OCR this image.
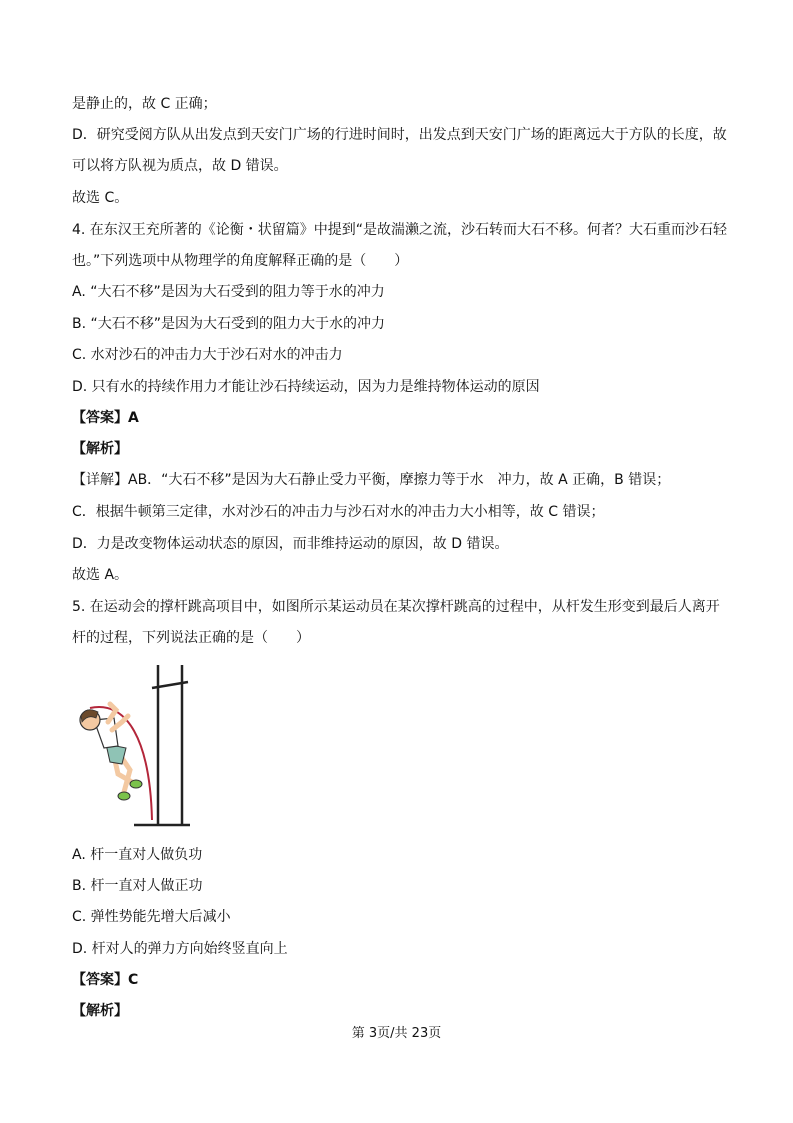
是静止的，故 C 正确；
D．研究受阅方队从出发点到天安门广场的行进时间时，出发点到天安门广场的距离远大于方队的长度，故
可以将方队视为质点，故 D 错误。
故选 C。
4. 在东汉王充所著的《论衡・状留篇》中提到“是故湍濑之流，沙石转而大石不移。何者？大石重而沙石轻
也。”下列选项中从物理学的角度解释正确的是（　　）
A. “大石不移”是因为大石受到的阻力等于水的冲力
B. “大石不移”是因为大石受到的阻力大于水的冲力
C. 水对沙石的冲击力大于沙石对水的冲击力
D. 只有水的持续作用力才能让沙石持续运动，因为力是维持物体运动的原因
【答案】A
【解析】
【详解】AB．“大石不移”是因为大石静止受力平衡，摩擦力等于水　冲力，故 A 正确，B 错误；
C．根据牛顿第三定律，水对沙石的冲击力与沙石对水的冲击力大小相等，故 C 错误；
D．力是改变物体运动状态的原因，而非维持运动的原因，故 D 错误。
故选 A。
5. 在运动会的撑杆跳高项目中，如图所示某运动员在某次撑杆跳高的过程中，从杆发生形变到最后人离开
杆的过程，下列说法正确的是（　　）
A. 杆一直对人做负功
B. 杆一直对人做正功
C. 弹性势能先增大后减小
D. 杆对人的弹力方向始终竖直向上
【答案】C
【解析】
第 3页/共 23页
